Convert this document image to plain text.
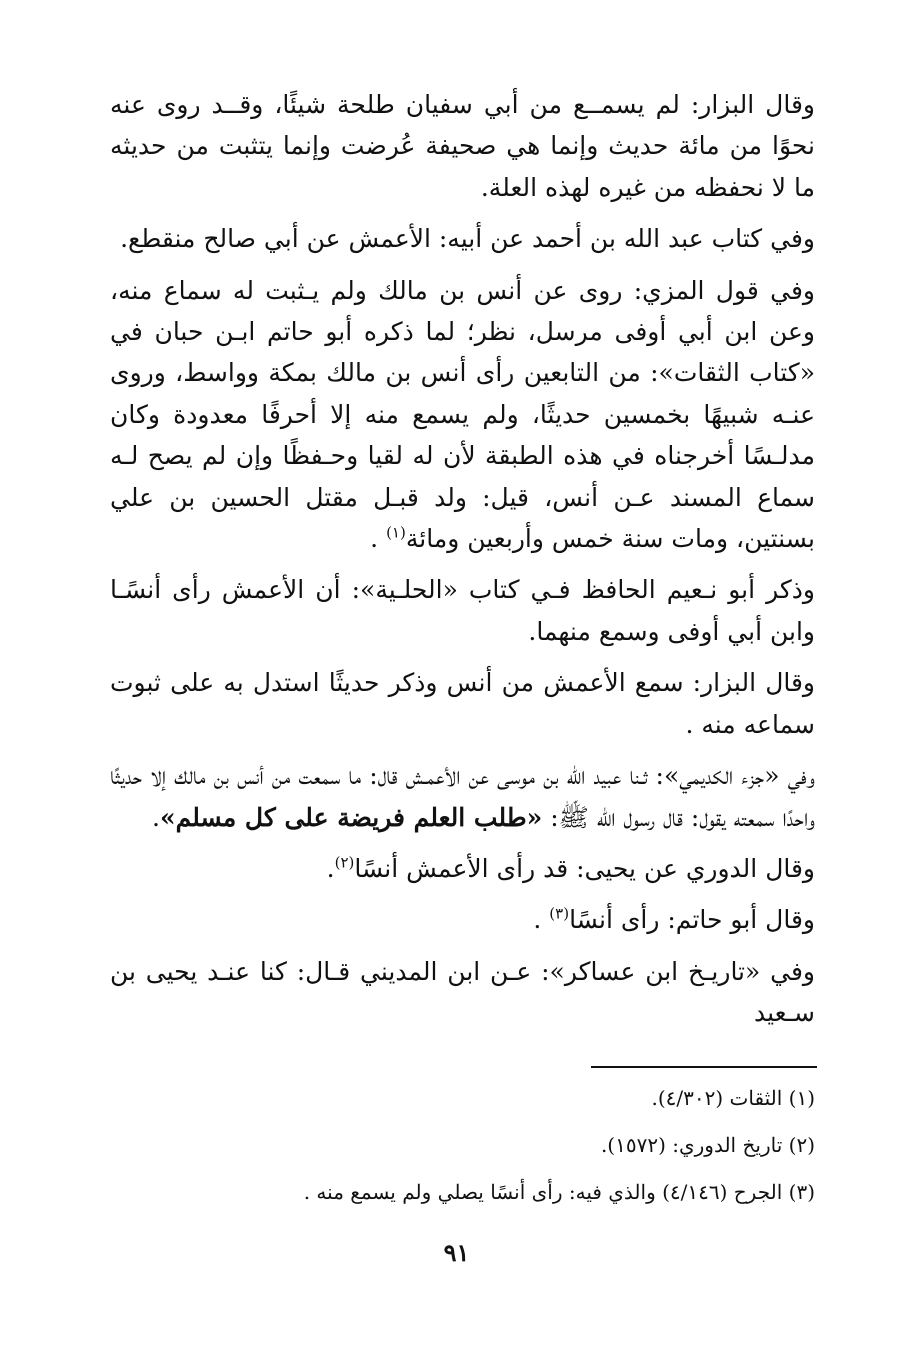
وقال البزار: لم يسمــع من أبي سفيان طلحة شيئًا، وقــد روى عنه نحوًا من مائة حديث وإنما هي صحيفة عُرضت وإنما يتثبت من حديثه ما لا نحفظه من غيره لهذه العلة.

وفي كتاب عبد الله بن أحمد عن أبيه: الأعمش عن أبي صالح منقطع.

وفي قول المزي: روى عن أنس بن مالك ولم يـثبت له سماع منه، وعن ابن أبي أوفى مرسل، نظر؛ لما ذكره أبو حاتم ابـن حبان في «كتاب الثقات»: من التابعين رأى أنس بن مالك بمكة وواسط، وروى عنـه شبيهًا بخمسين حديثًا، ولم يسمع منه إلا أحرفًا معدودة وكان مدلـسًا أخرجناه في هذه الطبقة لأن له لقيا وحـفظًا وإن لم يصح لـه سماع المسند عـن أنس، قيل: ولد قبـل مقتل الحسين بن علي بسنتين، ومات سنة خمس وأربعين ومائة$^{(١)}$ .

وذكر أبو نـعيم الحافظ فـي كتاب «الحلـية»: أن الأعمش رأى أنسًـا وابن أبي أوفى وسمع منهما.

وقال البزار: سمع الأعمش من أنس وذكر حديثًا استدل به على ثبوت سماعه منه .

وفي «جزء الكديمي»: ثـنا عبيد الله بن موسى عن الأعمـش قال: ما سمعت من أنس بن مالك إلا حديثًا واحدًا سمعته يقول: قال رسول الله ﷺ: «طلب العلم فريضة على كل مسلم».

وقال الدوري عن يحيى: قد رأى الأعمش أنسًا$^{(٢)}$.

وقال أبو حاتم: رأى أنسًا$^{(٣)}$ .

وفي «تاريـخ ابن عساكر»: عـن ابن المديني قـال: كنا عنـد يحيى بن سـعيد

(١) الثقات (٤/٣٠٢).
(٢) تاريخ الدوري: (١٥٧٢).
(٣) الجرح (٤/١٤٦) والذي فيه: رأى أنسًا يصلي ولم يسمع منه .
٩١
